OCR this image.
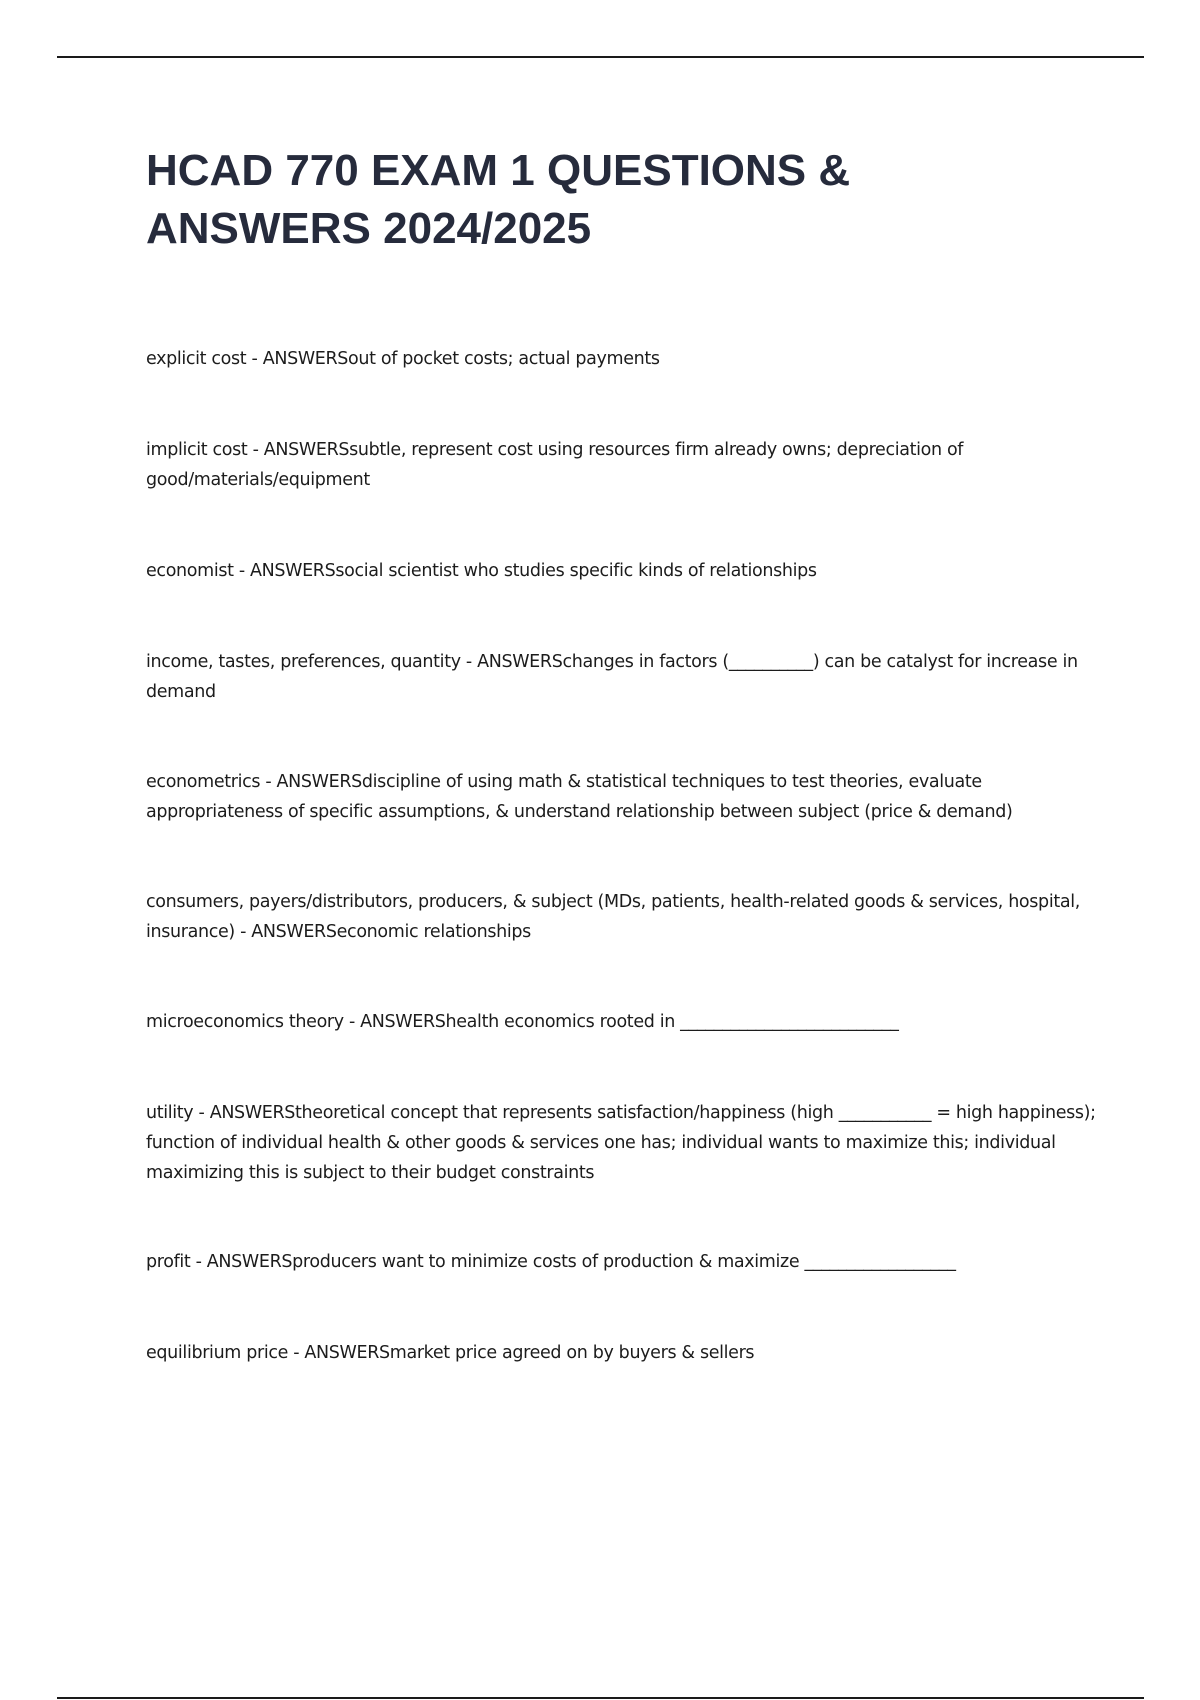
HCAD 770 EXAM 1 QUESTIONS & ANSWERS 2024/2025
explicit cost - ANSWERSout of pocket costs; actual payments
implicit cost - ANSWERSsubtle, represent cost using resources firm already owns; depreciation of good/materials/equipment
economist - ANSWERSsocial scientist who studies specific kinds of relationships
income, tastes, preferences, quantity - ANSWERSchanges in factors (__________) can be catalyst for increase in demand
econometrics - ANSWERSdiscipline of using math & statistical techniques to test theories, evaluate appropriateness of specific assumptions, & understand relationship between subject (price & demand)
consumers, payers/distributors, producers, & subject (MDs, patients, health-related goods & services, hospital, insurance) - ANSWERSeconomic relationships
microeconomics theory - ANSWERShealth economics rooted in __________________________
utility - ANSWERStheoretical concept that represents satisfaction/happiness (high ___________ = high happiness); function of individual health & other goods & services one has; individual wants to maximize this; individual maximizing this is subject to their budget constraints
profit - ANSWERSproducers want to minimize costs of production & maximize __________________
equilibrium price - ANSWERSmarket price agreed on by buyers & sellers
